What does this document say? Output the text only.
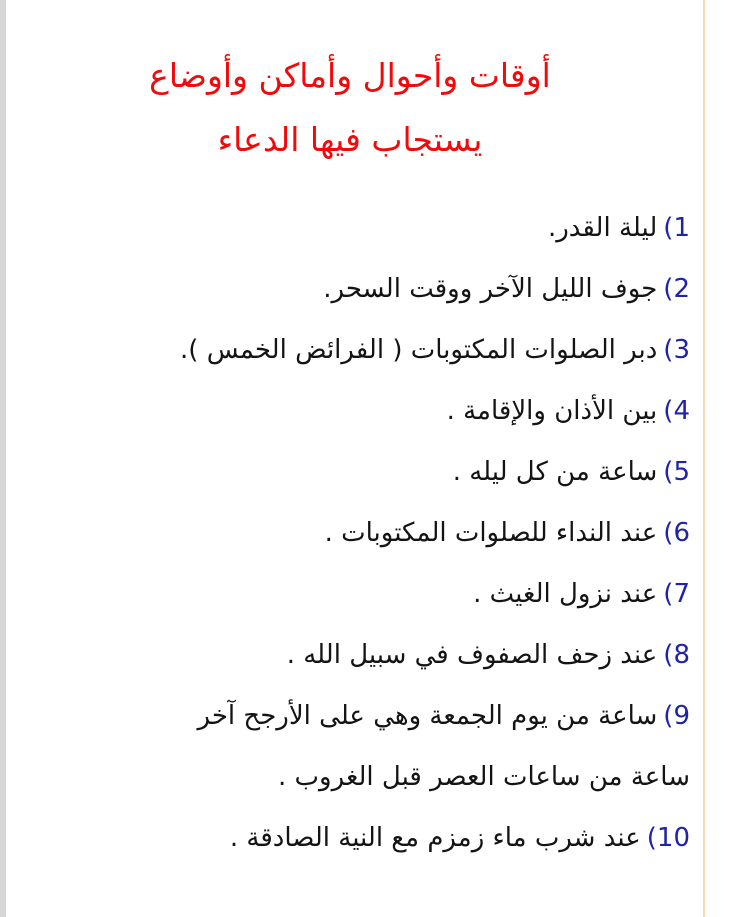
أوقات وأحوال وأماكن وأوضاع
يستجاب فيها الدعاء
1)ليلة القدر.
2)جوف الليل الآخر ووقت السحر.
3)دبر الصلوات المكتوبات ( الفرائض الخمس ).
4)بين الأذان والإقامة .
5)ساعة من كل ليله .
6)عند النداء للصلوات المكتوبات .
7)عند نزول الغيث .
8)عند زحف الصفوف في سبيل الله .
9)ساعة من يوم الجمعة وهي على الأرجح آخر
ساعة من ساعات العصر قبل الغروب .
10)عند شرب ماء زمزم مع النية الصادقة .
